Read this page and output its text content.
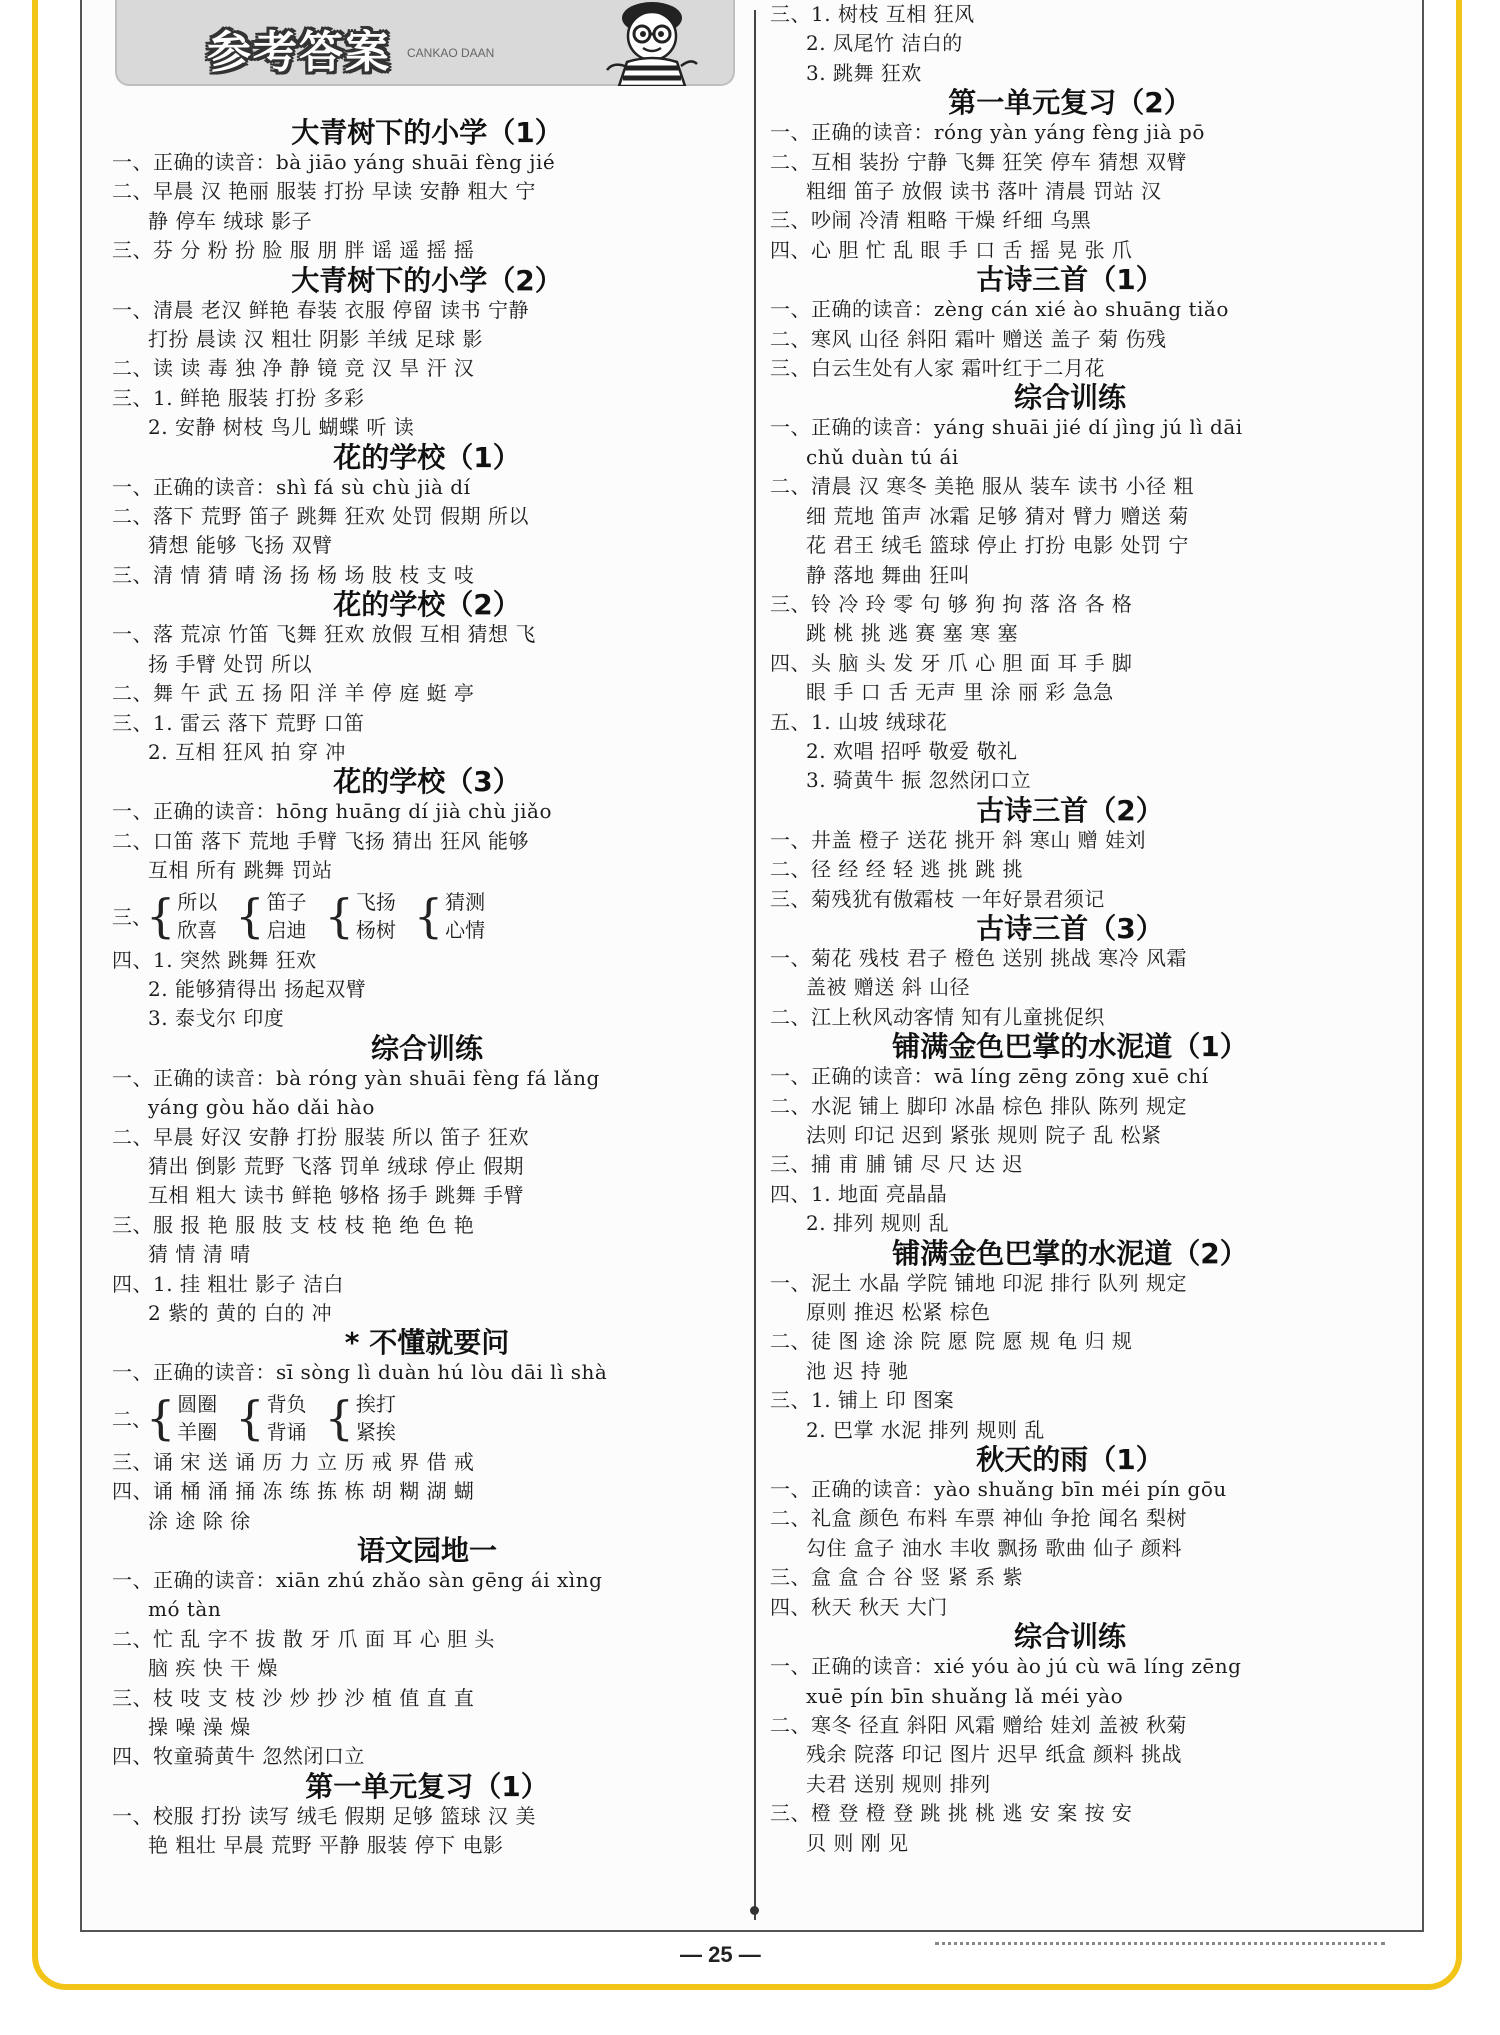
参考答案 CANKAO DAAN
大青树下的小学（1）
一、正确的读音：bà jiāo yáng shuāi fèng jié
二、早晨 汉 艳丽 服装 打扮 早读 安静 粗大 宁
静 停车 绒球 影子
三、芬 分 粉 扮 脸 服 朋 胖 谣 遥 摇 摇
大青树下的小学（2）
一、清晨 老汉 鲜艳 春装 衣服 停留 读书 宁静
打扮 晨读 汉 粗壮 阴影 羊绒 足球 影
二、读 读 毒 独 净 静 镜 竞 汉 旱 汗 汉
三、1. 鲜艳 服装 打扮 多彩
2. 安静 树枝 鸟儿 蝴蝶 听 读
花的学校（1）
一、正确的读音：shì fá sù chù jià dí
二、落下 荒野 笛子 跳舞 狂欢 处罚 假期 所以
猜想 能够 飞扬 双臂
三、清 情 猜 晴 汤 扬 杨 场 肢 枝 支 吱
花的学校（2）
一、落 荒凉 竹笛 飞舞 狂欢 放假 互相 猜想 飞
扬 手臂 处罚 所以
二、舞 午 武 五 扬 阳 洋 羊 停 庭 蜓 亭
三、1. 雷云 落下 荒野 口笛
2. 互相 狂风 拍 穿 冲
花的学校（3）
一、正确的读音：hōng huāng dí jià chù jiǎo
二、口笛 落下 荒地 手臂 飞扬 猜出 狂风 能够
互相 所有 跳舞 罚站
三、
{ 所以
欣喜 { 笛子
启迪 { 飞扬
杨树 { 猜测
心情
四、1. 突然 跳舞 狂欢
2. 能够猜得出 扬起双臂
3. 泰戈尔 印度
综合训练
一、正确的读音：bà róng yàn shuāi fèng fá lǎng
yáng gòu hǎo dǎi hào
二、早晨 好汉 安静 打扮 服装 所以 笛子 狂欢
猜出 倒影 荒野 飞落 罚单 绒球 停止 假期
互相 粗大 读书 鲜艳 够格 扬手 跳舞 手臂
三、服 报 艳 服 肢 支 枝 枝 艳 绝 色 艳
猜 情 清 晴
四、1. 挂 粗壮 影子 洁白
2 紫的 黄的 白的 冲
* 不懂就要问
一、正确的读音：sī sòng lì duàn hú lòu dāi lì shà
二、
{ 圆圈
羊圈 { 背负
背诵 { 挨打
紧挨
三、诵 宋 送 诵 历 力 立 历 戒 界 借 戒
四、诵 桶 涌 捅 冻 练 拣 栋 胡 糊 湖 蝴
涂 途 除 徐
语文园地一
一、正确的读音：xiān zhú zhǎo sàn gēng ái xìng
mó tàn
二、忙 乱 字不 拔 散 牙 爪 面 耳 心 胆 头
脑 疾 快 干 燥
三、枝 吱 支 枝 沙 炒 抄 沙 植 值 直 直
操 噪 澡 燥
四、牧童骑黄牛 忽然闭口立
第一单元复习（1）
一、校服 打扮 读写 绒毛 假期 足够 篮球 汉 美
艳 粗壮 早晨 荒野 平静 服装 停下 电影
三、1. 树枝 互相 狂风
2. 凤尾竹 洁白的
3. 跳舞 狂欢
第一单元复习（2）
一、正确的读音：róng yàn yáng fèng jià pō
二、互相 装扮 宁静 飞舞 狂笑 停车 猜想 双臂
粗细 笛子 放假 读书 落叶 清晨 罚站 汉
三、吵闹 冷清 粗略 干燥 纤细 乌黑
四、心 胆 忙 乱 眼 手 口 舌 摇 晃 张 爪
古诗三首（1）
一、正确的读音：zèng cán xié ào shuāng tiǎo
二、寒风 山径 斜阳 霜叶 赠送 盖子 菊 伤残
三、白云生处有人家 霜叶红于二月花
综合训练
一、正确的读音：yáng shuāi jié dí jìng jú lì dāi
chǔ duàn tú ái
二、清晨 汉 寒冬 美艳 服从 装车 读书 小径 粗
细 荒地 笛声 冰霜 足够 猜对 臂力 赠送 菊
花 君王 绒毛 篮球 停止 打扮 电影 处罚 宁
静 落地 舞曲 狂叫
三、铃 冷 玲 零 句 够 狗 拘 落 洛 各 格
跳 桃 挑 逃 赛 塞 寒 塞
四、头 脑 头 发 牙 爪 心 胆 面 耳 手 脚
眼 手 口 舌 无声 里 涂 丽 彩 急急
五、1. 山坡 绒球花
2. 欢唱 招呼 敬爱 敬礼
3. 骑黄牛 振 忽然闭口立
古诗三首（2）
一、井盖 橙子 送花 挑开 斜 寒山 赠 娃刘
二、径 经 经 轻 逃 挑 跳 挑
三、菊残犹有傲霜枝 一年好景君须记
古诗三首（3）
一、菊花 残枝 君子 橙色 送别 挑战 寒冷 风霜
盖被 赠送 斜 山径
二、江上秋风动客情 知有儿童挑促织
铺满金色巴掌的水泥道（1）
一、正确的读音：wā líng zēng zōng xuē chí
二、水泥 铺上 脚印 冰晶 棕色 排队 陈列 规定
法则 印记 迟到 紧张 规则 院子 乱 松紧
三、捕 甫 脯 铺 尽 尺 达 迟
四、1. 地面 亮晶晶
2. 排列 规则 乱
铺满金色巴掌的水泥道（2）
一、泥土 水晶 学院 铺地 印泥 排行 队列 规定
原则 推迟 松紧 棕色
二、徒 图 途 涂 院 愿 院 愿 规 龟 归 规
池 迟 持 驰
三、1. 铺上 印 图案
2. 巴掌 水泥 排列 规则 乱
秋天的雨（1）
一、正确的读音：yào shuǎng bīn méi pín gōu
二、礼盒 颜色 布料 车票 神仙 争抢 闻名 梨树
勾住 盒子 油水 丰收 飘扬 歌曲 仙子 颜料
三、盒 盒 合 谷 竖 紧 系 紫
四、秋天 秋天 大门
综合训练
一、正确的读音：xié yóu ào jú cù wā líng zēng
xuē pín bīn shuǎng lǎ méi yào
二、寒冬 径直 斜阳 风霜 赠给 娃刘 盖被 秋菊
残余 院落 印记 图片 迟早 纸盒 颜料 挑战
夫君 送别 规则 排列
三、橙 登 橙 登 跳 挑 桃 逃 安 案 按 安
贝 则 刚 见
— 25 —
